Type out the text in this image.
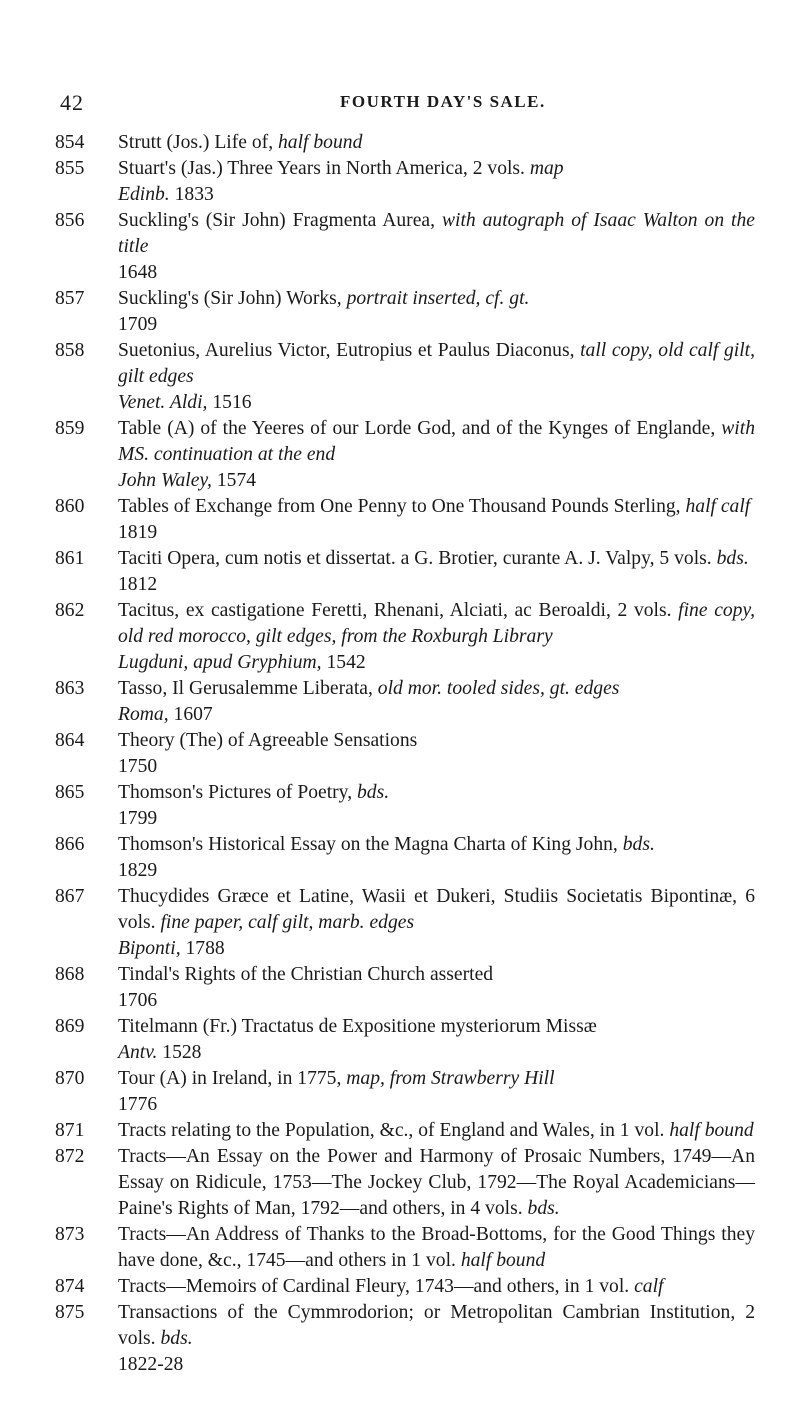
42	FOURTH DAY'S SALE.
854	Strutt (Jos.) Life of, half bound
855	Stuart's (Jas.) Three Years in North America, 2 vols. map
Edinb. 1833
856	Suckling's (Sir John) Fragmenta Aurea, with autograph of Isaac Walton on the title
1648
857	Suckling's (Sir John) Works, portrait inserted, cf. gt.
1709
858	Suetonius, Aurelius Victor, Eutropius et Paulus Diaconus, tall copy, old calf gilt, gilt edges
Venet. Aldi, 1516
859	Table (A) of the Yeeres of our Lorde God, and of the Kynges of Englande, with MS. continuation at the end
John Waley, 1574
860	Tables of Exchange from One Penny to One Thousand Pounds Sterling, half calf
1819
861	Taciti Opera, cum notis et dissertat. a G. Brotier, curante A. J. Valpy, 5 vols. bds.
1812
862	Tacitus, ex castigatione Feretti, Rhenani, Alciati, ac Beroaldi, 2 vols. fine copy, old red morocco, gilt edges, from the Roxburgh Library
Lugduni, apud Gryphium, 1542
863	Tasso, Il Gerusalemme Liberata, old mor. tooled sides, gt. edges
Roma, 1607
864	Theory (The) of Agreeable Sensations
1750
865	Thomson's Pictures of Poetry, bds.
1799
866	Thomson's Historical Essay on the Magna Charta of King John, bds.
1829
867	Thucydides Græce et Latine, Wasii et Dukeri, Studiis Societatis Bipontinæ, 6 vols. fine paper, calf gilt, marb. edges
Biponti, 1788
868	Tindal's Rights of the Christian Church asserted
1706
869	Titelmann (Fr.) Tractatus de Expositione mysteriorum Missæ
Antv. 1528
870	Tour (A) in Ireland, in 1775, map, from Strawberry Hill
1776
871	Tracts relating to the Population, &c., of England and Wales, in 1 vol. half bound
872	Tracts—An Essay on the Power and Harmony of Prosaic Numbers, 1749—An Essay on Ridicule, 1753—The Jockey Club, 1792—The Royal Academicians—Paine's Rights of Man, 1792—and others, in 4 vols. bds.
873	Tracts—An Address of Thanks to the Broad-Bottoms, for the Good Things they have done, &c., 1745—and others in 1 vol. half bound
874	Tracts—Memoirs of Cardinal Fleury, 1743—and others, in 1 vol. calf
875	Transactions of the Cymmrodorion; or Metropolitan Cambrian Institution, 2 vols. bds.
1822-28
